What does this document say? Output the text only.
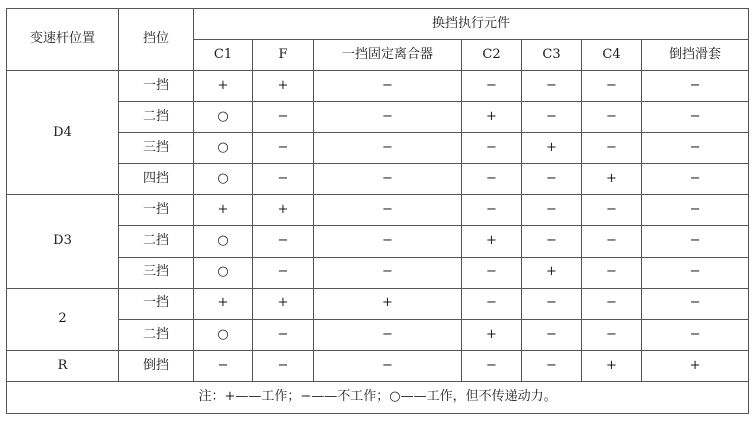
变速杆位置	挡位	换挡执行元件						
		C1	F	一挡固定离合器	C2	C3	C4	倒挡滑套
D4	一挡	+	+	−	−	−	−	−
	二挡	○	−	−	+	−	−	−
	三挡	○	−	−	−	+	−	−
	四挡	○	−	−	−	−	+	−
D3	一挡	+	+	−	−	−	−	−
	二挡	○	−	−	+	−	−	−
	三挡	○	−	−	−	+	−	−
2	一挡	+	+	+	−	−	−	−
	二挡	○	−	−	+	−	−	−
R	倒挡	−	−	−	−	−	+	+
注：+——工作；−——不工作；○——工作，但不传递动力。								
